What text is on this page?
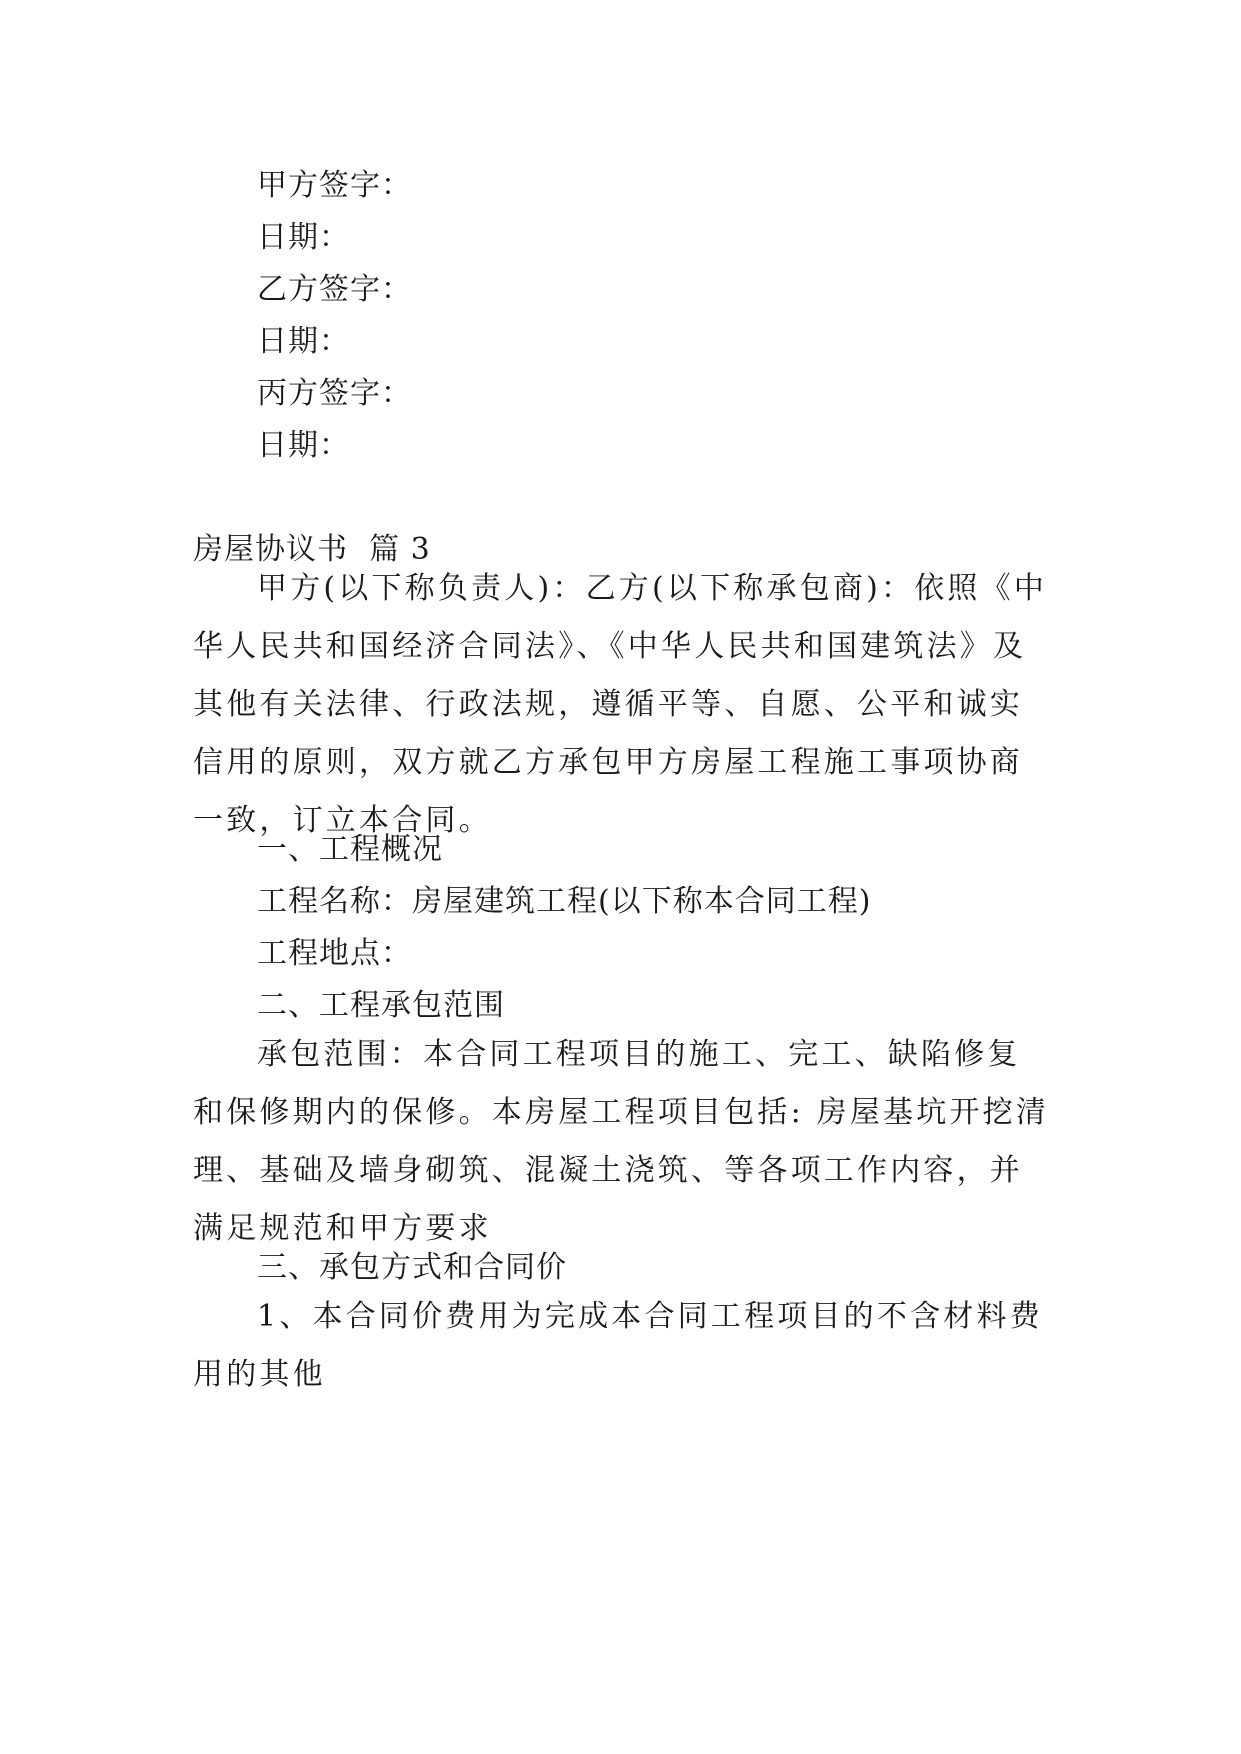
甲方签字：
日期：
乙方签字：
日期：
丙方签字：
日期：
房屋协议书  篇 3

甲方(以下称负责人)：乙方(以下称承包商)：依照《中华人民共和国经济合同法》、《中华人民共和国建筑法》及其他有关法律、行政法规，遵循平等、自愿、公平和诚实信用的原则，双方就乙方承包甲方房屋工程施工事项协商一致，订立本合同。

一、工程概况
工程名称：房屋建筑工程(以下称本合同工程)
工程地点：
二、工程承包范围

承包范围：本合同工程项目的施工、完工、缺陷修复和保修期内的保修。本房屋工程项目包括: 房屋基坑开挖清理、基础及墙身砌筑、混凝土浇筑、等各项工作内容，并满足规范和甲方要求

三、承包方式和合同价

1、本合同价费用为完成本合同工程项目的不含材料费用的其他
